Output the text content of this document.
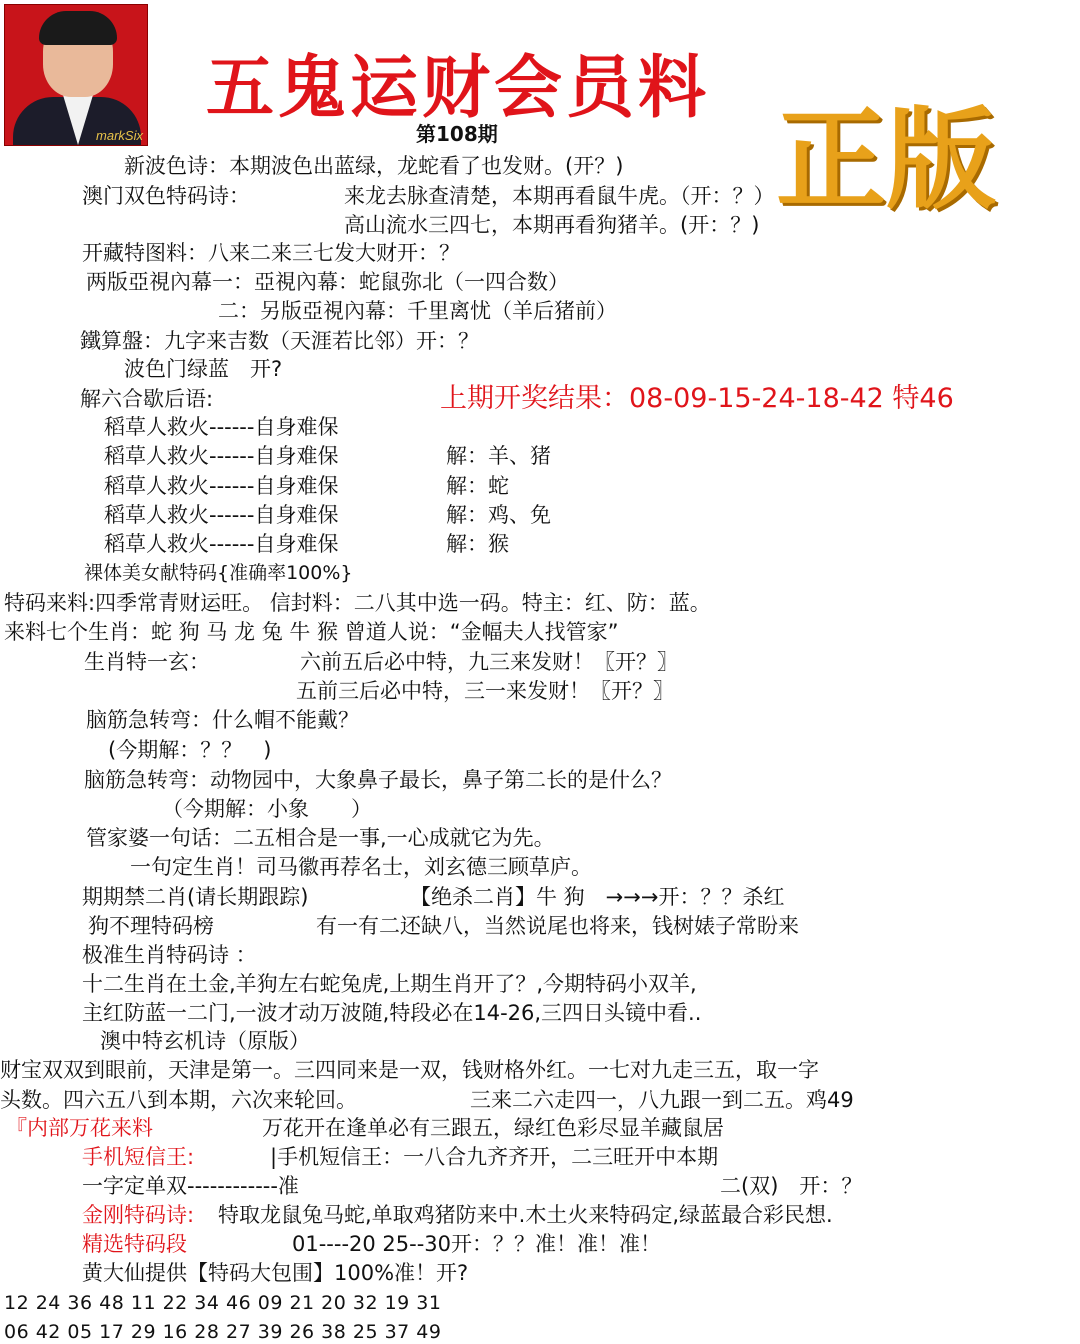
markSix
五鬼运财会员料
第108期	正版
上期开奖结果：08-09-15-24-18-42 特46
新波色诗：本期波色出蓝绿，龙蛇看了也发财。(开？)
澳门双色特码诗：	来龙去脉查清楚，本期再看鼠牛虎。（开：？）
高山流水三四七，本期再看狗猪羊。(开：？)
开藏特图料：八来二来三七发大财开：？
两版亞視內幕一：亞視內幕：蛇鼠弥北（一四合数）
二：另版亞視內幕：千里离忧（羊后猪前）
鐵算盤：九字来吉数（天涯若比邻）开：？
波色门绿蓝　开?
解六合歇后语:
稻草人救火------自身难保
稻草人救火------自身难保	解：羊、猪
稻草人救火------自身难保	解：蛇
稻草人救火------自身难保	解：鸡、免
稻草人救火------自身难保	解：猴
裸体美女献特码{准确率100%}
特码来料:四季常青财运旺。 信封料：二八其中选一码。特主：红、防：蓝。
来料七个生肖：蛇 狗 马 龙 兔 牛 猴 曾道人说：“金幅夫人找管家”
生肖特一玄：	六前五后必中特，九三来发财！〖开？〗
五前三后必中特，三一来发财！〖开？〗
脑筋急转弯：什么帽不能戴？
(今期解：？？　)
脑筋急转弯：动物园中，大象鼻子最长，鼻子第二长的是什么？
（今期解：小象　　）
管家婆一句话：二五相合是一事,一心成就它为先。
一句定生肖！司马徽再荐名士，刘玄德三顾草庐。
期期禁二肖(请长期跟踪)	【绝杀二肖】牛 狗　→→→开：？？杀红
狗不理特码榜	有一有二还缺八，当然说尾也将来，钱树婊子常盼来
极准生肖特码诗 ：
十二生肖在土金,羊狗左右蛇兔虎,上期生肖开了？,今期特码小双羊,
主红防蓝一二门,一波才动万波随,特段必在14-26,三四日头镜中看..
澳中特玄机诗（原版）
财宝双双到眼前，天津是第一。三四同来是一双，钱财格外红。一七对九走三五，取一字
头数。四六五八到本期，六次来轮回。	三来二六走四一，八九跟一到二五。鸡49
『内部万花来料	万花开在逢单必有三跟五，绿红色彩尽显羊藏鼠居
手机短信王:	|手机短信王：一八合九齐齐开，二三旺开中本期
一字定单双------------准	二(双)　开：？
金刚特码诗: 特取龙鼠兔马蛇,单取鸡猪防来中.木土火来特码定,绿蓝最合彩民想.
精选特码段	01----20 25--30开：？？准！准！准！
黄大仙提供【特码大包围】100%准！开?
12 24 36 48 11 22 34 46 09 21 20 32 19 31
06 42 05 17 29 16 28 27 39 26 38 25 37 49
